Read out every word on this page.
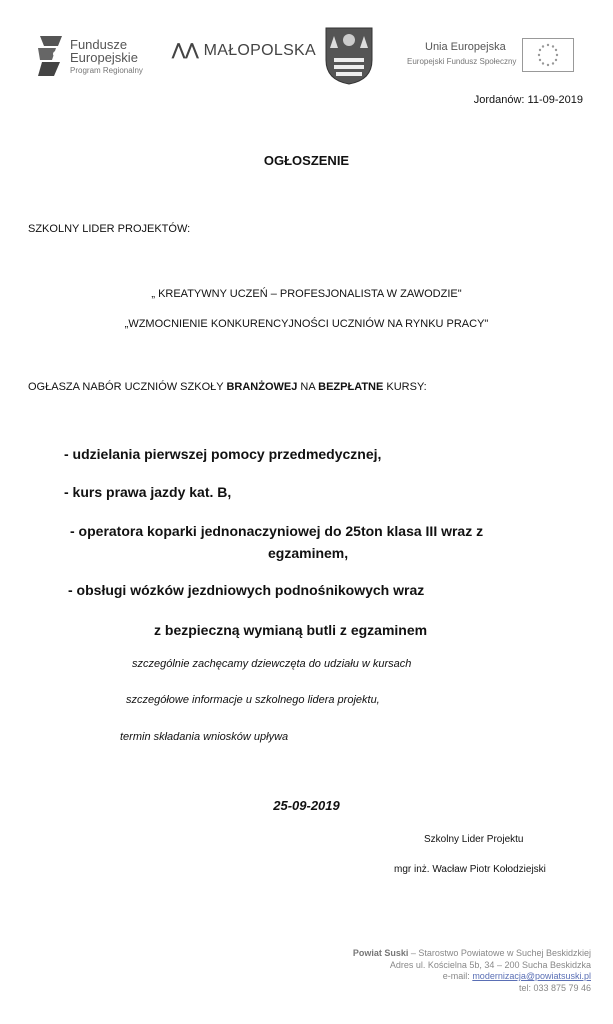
Fundusze
Europejskie
Program Regionalny
⋀⋀ MAŁOPOLSKA	Unia Europejska
Europejski Fundusz Społeczny
Jordanów: 11-09-2019
OGŁOSZENIE
SZKOLNY LIDER PROJEKTÓW:
„ KREATYWNY UCZEŃ – PROFESJONALISTA W ZAWODZIE"
„WZMOCNIENIE KONKURENCYJNOŚCI UCZNIÓW NA RYNKU PRACY"
OGŁASZA NABÓR UCZNIÓW SZKOŁY BRANŻOWEJ NA BEZPŁATNE KURSY:
- udzielania pierwszej pomocy przedmedycznej,
- kurs prawa jazdy kat. B,
- operatora koparki jednonaczyniowej do 25ton klasa III wraz z
egzaminem,
- obsługi wózków jezdniowych podnośnikowych wraz
z bezpieczną wymianą butli z egzaminem
szczególnie zachęcamy dziewczęta do udziału w kursach
szczegółowe informacje u szkolnego lidera projektu,
termin składania wniosków upływa
25-09-2019
Szkolny Lider Projektu
mgr inż. Wacław Piotr Kołodziejski
Powiat Suski – Starostwo Powiatowe w Suchej Beskidzkiej
Adres ul. Kościelna 5b, 34 – 200 Sucha Beskidzka
e-mail: modernizacja@powiatsuski.pl
tel: 033 875 79 46
